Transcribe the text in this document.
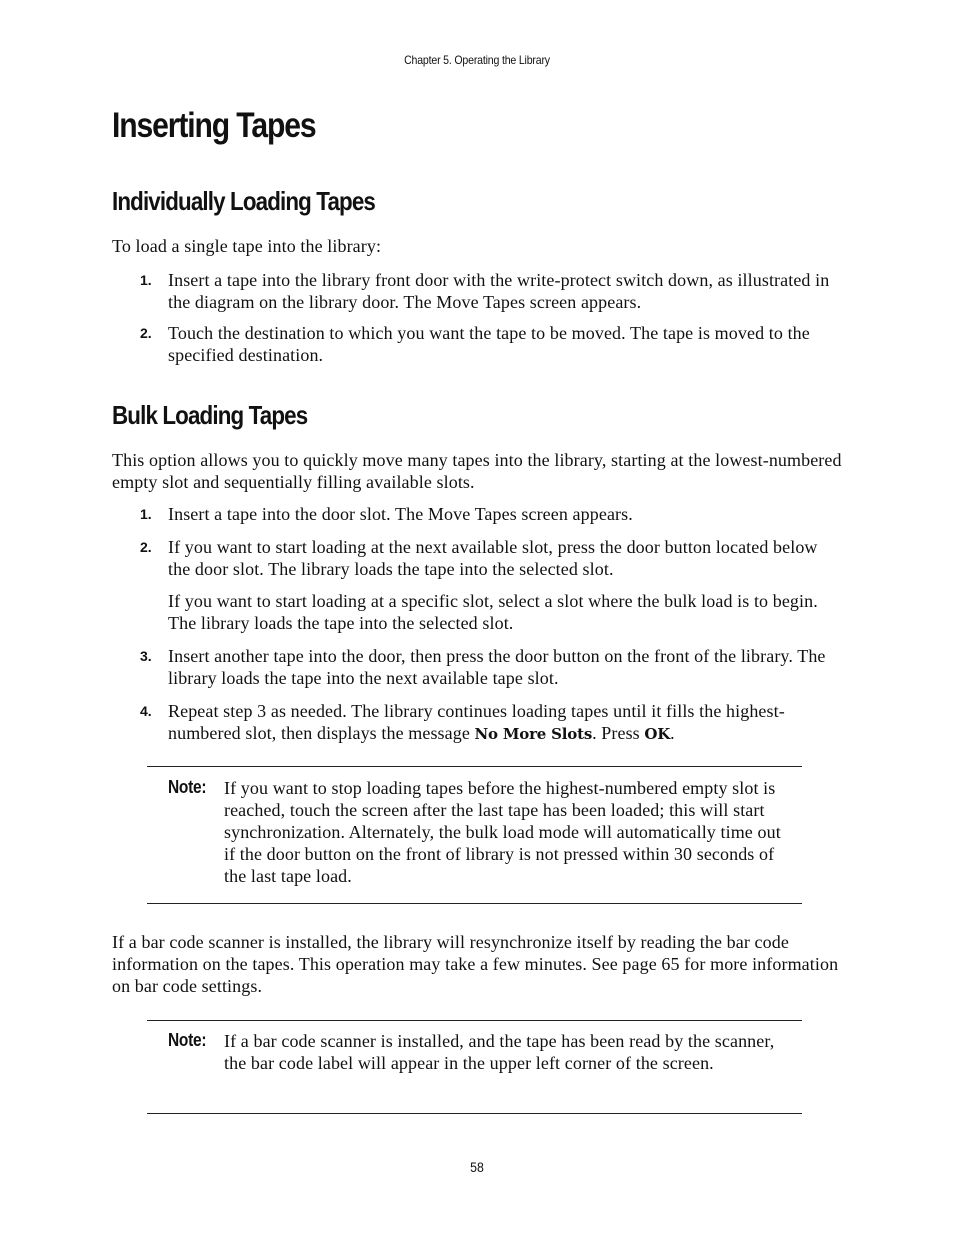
Chapter 5. Operating the Library
Inserting Tapes
Individually Loading Tapes

To load a single tape into the library:

1. Insert a tape into the library front door with the write-protect switch down, as illustrated in the diagram on the library door. The Move Tapes screen appears.

2. Touch the destination to which you want the tape to be moved. The tape is moved to the specified destination.

Bulk Loading Tapes

This option allows you to quickly move many tapes into the library, starting at the lowest-numbered empty slot and sequentially filling available slots.

1. Insert a tape into the door slot. The Move Tapes screen appears.

2. If you want to start loading at the next available slot, press the door button located below the door slot. The library loads the tape into the selected slot.

If you want to start loading at a specific slot, select a slot where the bulk load is to begin. The library loads the tape into the selected slot.

3. Insert another tape into the door, then press the door button on the front of the library. The library loads the tape into the next available tape slot.

4. Repeat step 3 as needed. The library continues loading tapes until it fills the highest-numbered slot, then displays the message No More Slots. Press OK.

Note: If you want to stop loading tapes before the highest-numbered empty slot is reached, touch the screen after the last tape has been loaded; this will start synchronization. Alternately, the bulk load mode will automatically time out if the door button on the front of library is not pressed within 30 seconds of the last tape load.

If a bar code scanner is installed, the library will resynchronize itself by reading the bar code information on the tapes. This operation may take a few minutes. See page 65 for more information on bar code settings.

Note: If a bar code scanner is installed, and the tape has been read by the scanner, the bar code label will appear in the upper left corner of the screen.

58
